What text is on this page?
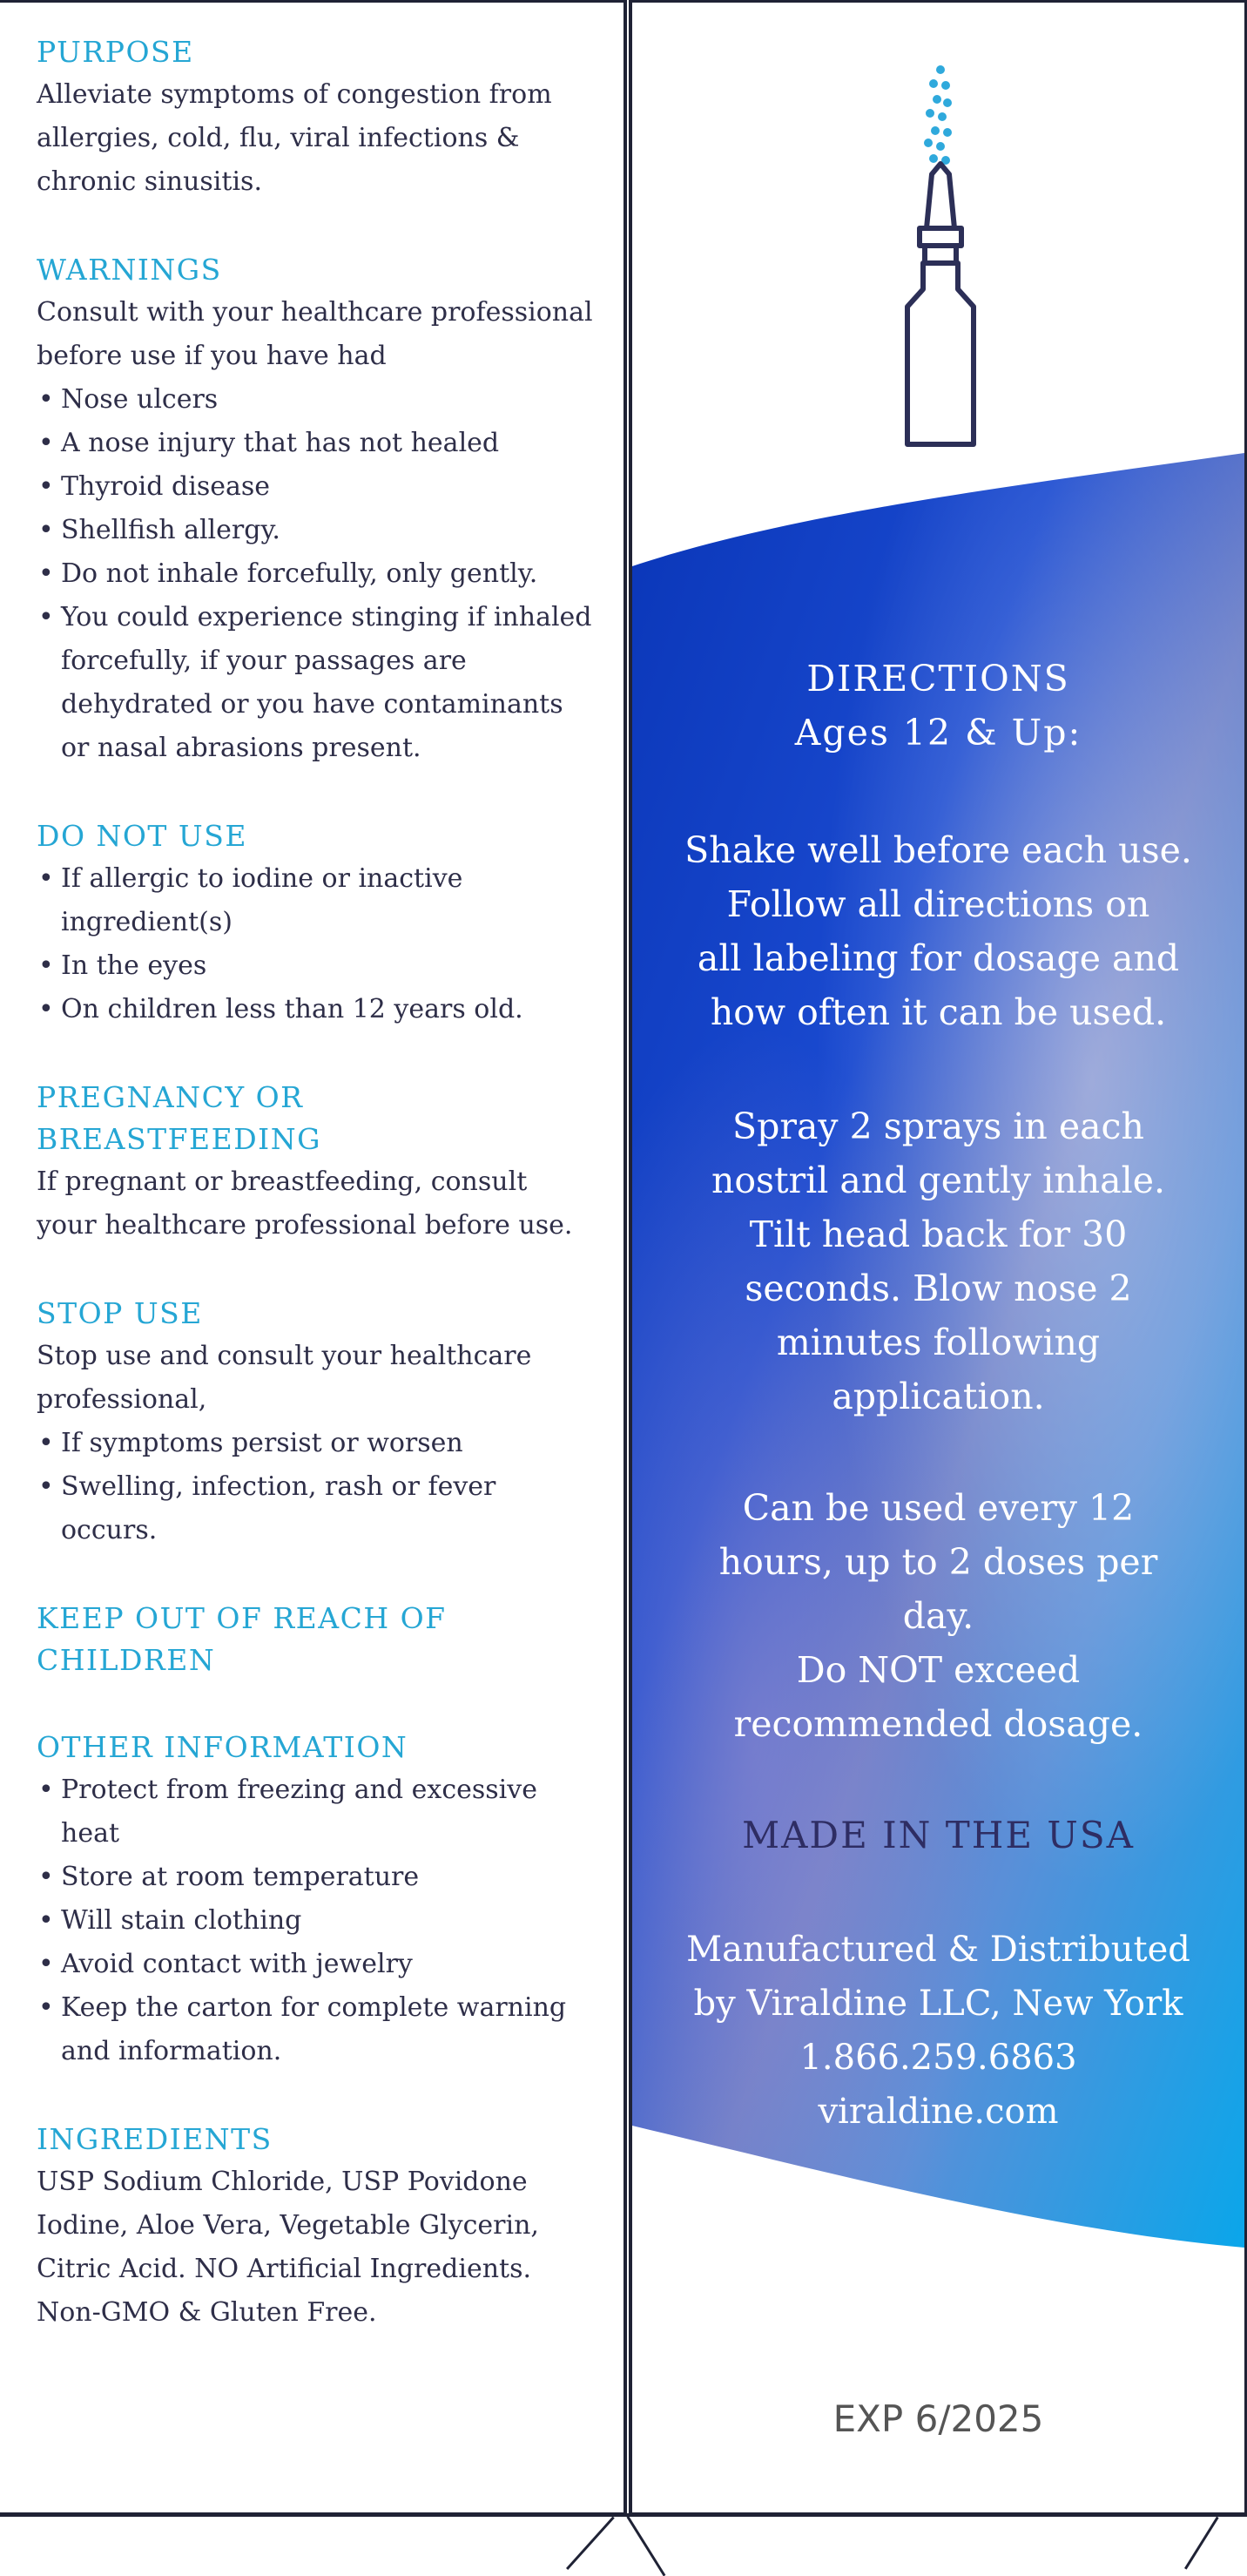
PURPOSE

Alleviate symptoms of congestion from allergies, cold, flu, viral infections & chronic sinusitis.

WARNINGS

Consult with your healthcare professional before use if you have had

• Nose ulcers
• A nose injury that has not healed
• Thyroid disease
• Shellfish allergy.
• Do not inhale forcefully, only gently.
• You could experience stinging if inhaled forcefully, if your passages are dehydrated or you have contaminants or nasal abrasions present.
DO NOT USE
• If allergic to iodine or inactive ingredient(s)
• In the eyes
• On children less than 12 years old.
PREGNANCY OR BREASTFEEDING

If pregnant or breastfeeding, consult your healthcare professional before use.

STOP USE

Stop use and consult your healthcare professional,

• If symptoms persist or worsen
• Swelling, infection, rash or fever occurs.
KEEP OUT OF REACH OF CHILDREN
OTHER INFORMATION
• Protect from freezing and excessive heat
• Store at room temperature
• Will stain clothing
• Avoid contact with jewelry
• Keep the carton for complete warning and information.
INGREDIENTS

USP Sodium Chloride, USP Povidone Iodine, Aloe Vera, Vegetable Glycerin, Citric Acid. NO Artificial Ingredients. Non-GMO & Gluten Free.

DIRECTIONS
Ages 12 & Up:
Shake well before each use.
Follow all directions on
all labeling for dosage and
how often it can be used.
Spray 2 sprays in each
nostril and gently inhale.
Tilt head back for 30
seconds. Blow nose 2
minutes following
application.
Can be used every 12
hours, up to 2 doses per
day.
Do NOT exceed
recommended dosage.
MADE IN THE USA
Manufactured & Distributed
by Viraldine LLC, New York
1.866.259.6863
viraldine.com
EXP 6/2025
